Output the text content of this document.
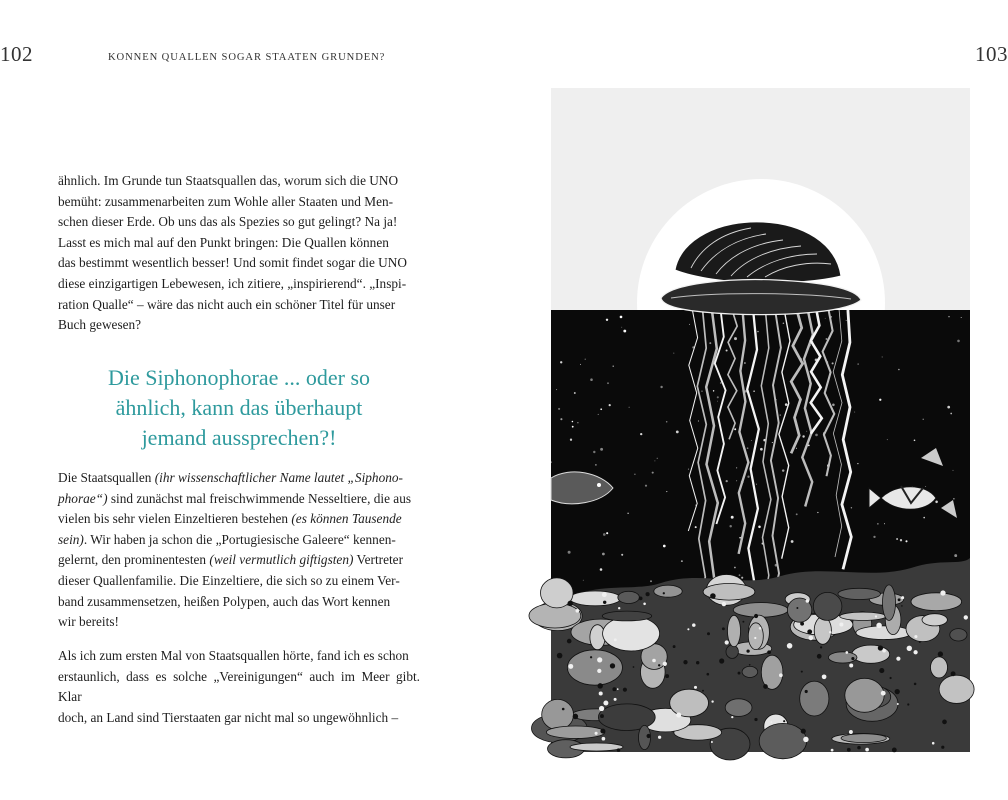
102	KONNEN QUALLEN SOGAR STAATEN GRUNDEN?	103

ähnlich. Im Grunde tun Staatsquallen das, worum sich die UNO

bemüht: zusammenarbeiten zum Wohle aller Staaten und Men-

schen dieser Erde. Ob uns das als Spezies so gut gelingt? Na ja!

Lasst es mich mal auf den Punkt bringen: Die Quallen können

das bestimmt wesentlich besser! Und somit findet sogar die UNO

diese einzigartigen Lebewesen, ich zitiere, „inspirierend“. „Inspi-

ration Qualle“ – wäre das nicht auch ein schöner Titel für unser

Buch gewesen?

Die Siphonophorae ... oder so
ähnlich, kann das überhaupt
jemand aussprechen?!

Die Staatsquallen (ihr wissenschaftlicher Name lautet „Siphono-

phorae“) sind zunächst mal freischwimmende Nesseltiere, die aus

vielen bis sehr vielen Einzeltieren bestehen (es können Tausende

sein). Wir haben ja schon die „Portugiesische Galeere“ kennen-

gelernt, den prominentesten (weil vermutlich giftigsten) Vertreter

dieser Quallenfamilie. Die Einzeltiere, die sich so zu einem Ver-

band zusammensetzen, heißen Polypen, auch das Wort kennen

wir bereits!

Als ich zum ersten Mal von Staatsquallen hörte, fand ich es schon

erstaunlich, dass es solche „Vereinigungen“ auch im Meer gibt. Klar

doch, an Land sind Tierstaaten gar nicht mal so ungewöhnlich –
